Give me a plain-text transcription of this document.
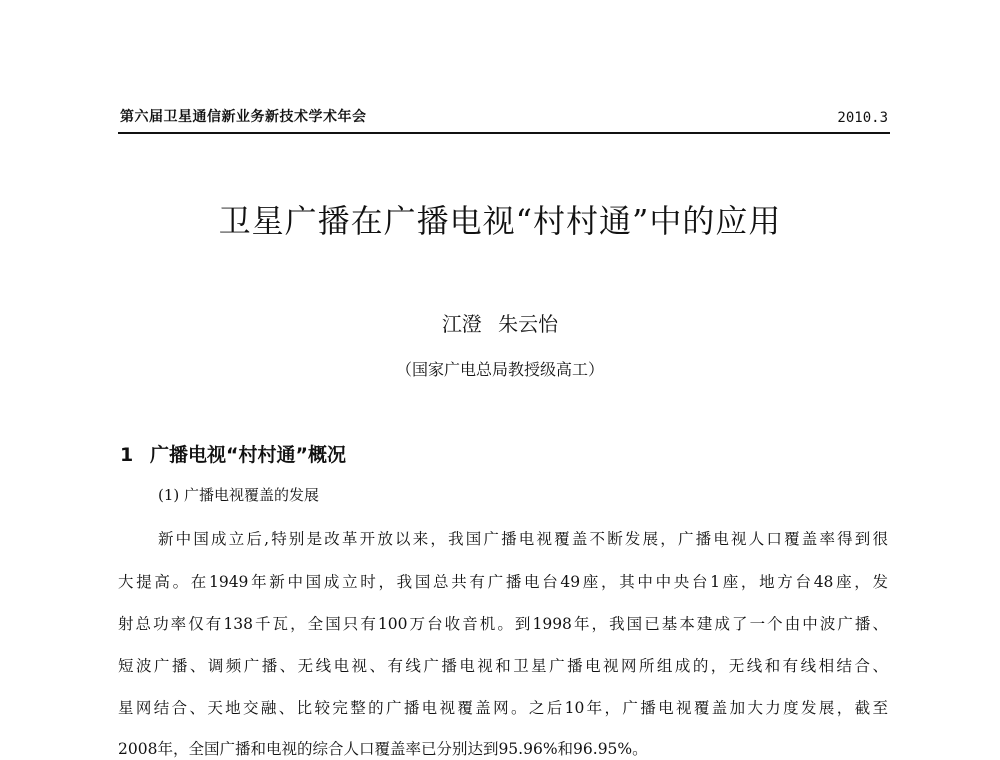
第六届卫星通信新业务新技术学术年会	2010.3
卫星广播在广播电视“村村通”中的应用
江澄 朱云怡
（国家广电总局教授级高工）
1 广播电视“村村通”概况
(1) 广播电视覆盖的发展
新中国成立后,特别是改革开放以来，我国广播电视覆盖不断发展，广播电视人口覆盖率得到很
大提高。在1949年新中国成立时，我国总共有广播电台49座，其中中央台1座，地方台48座，发
射总功率仅有138千瓦，全国只有100万台收音机。到1998年，我国已基本建成了一个由中波广播、
短波广播、调频广播、无线电视、有线广播电视和卫星广播电视网所组成的，无线和有线相结合、
星网结合、天地交融、比较完整的广播电视覆盖网。之后10年，广播电视覆盖加大力度发展，截至
2008年，全国广播和电视的综合人口覆盖率已分别达到95.96%和96.95%。
